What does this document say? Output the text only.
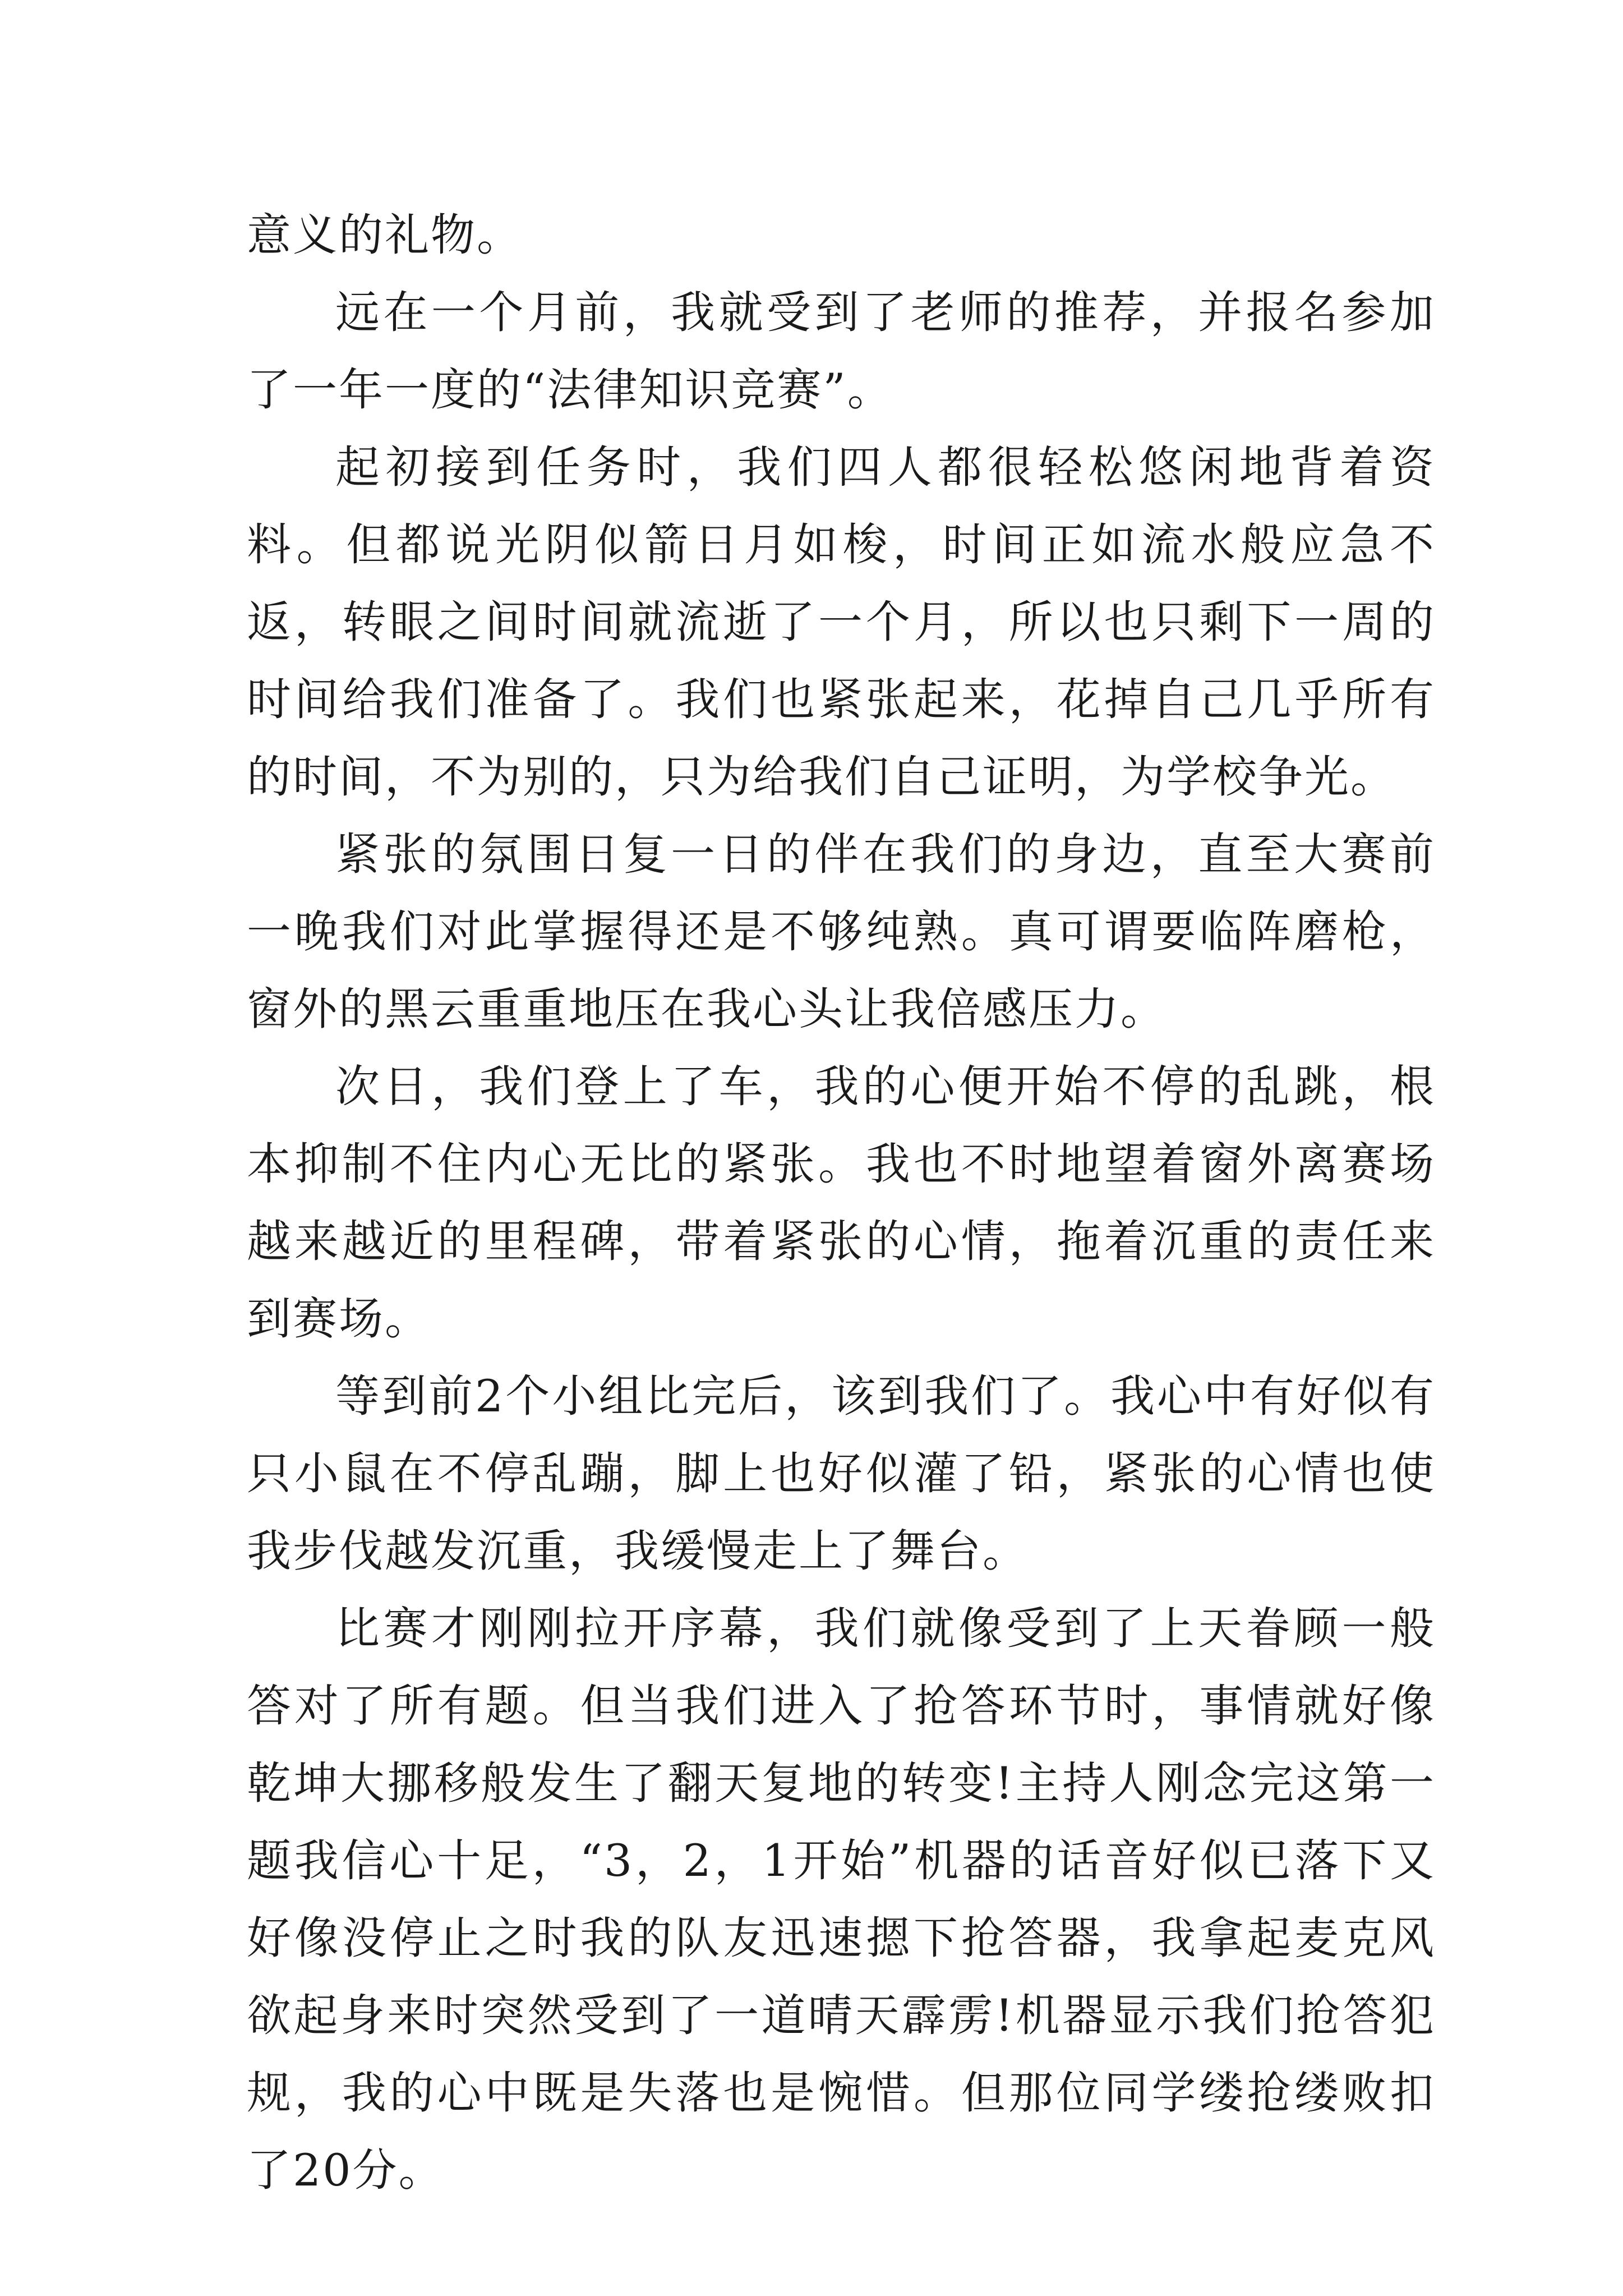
意义的礼物。

远在一个月前，我就受到了老师的推荐，并报名参加了一年一度的“法律知识竞赛”。

起初接到任务时，我们四人都很轻松悠闲地背着资料。但都说光阴似箭日月如梭，时间正如流水般应急不返，转眼之间时间就流逝了一个月，所以也只剩下一周的时间给我们准备了。我们也紧张起来，花掉自己几乎所有的时间，不为别的，只为给我们自己证明，为学校争光。

紧张的氛围日复一日的伴在我们的身边，直至大赛前一晚我们对此掌握得还是不够纯熟。真可谓要临阵磨枪，窗外的黑云重重地压在我心头让我倍感压力。

次日，我们登上了车，我的心便开始不停的乱跳，根本抑制不住内心无比的紧张。我也不时地望着窗外离赛场越来越近的里程碑，带着紧张的心情，拖着沉重的责任来到赛场。

等到前2个小组比完后，该到我们了。我心中有好似有只小鼠在不停乱蹦，脚上也好似灌了铅，紧张的心情也使我步伐越发沉重，我缓慢走上了舞台。

比赛才刚刚拉开序幕，我们就像受到了上天眷顾一般答对了所有题。但当我们进入了抢答环节时，事情就好像乾坤大挪移般发生了翻天复地的转变!主持人刚念完这第一题我信心十足，“3，2，1开始”机器的话音好似已落下又好像没停止之时我的队友迅速摁下抢答器，我拿起麦克风欲起身来时突然受到了一道晴天霹雳!机器显示我们抢答犯规，我的心中既是失落也是惋惜。但那位同学缕抢缕败扣了20分。
